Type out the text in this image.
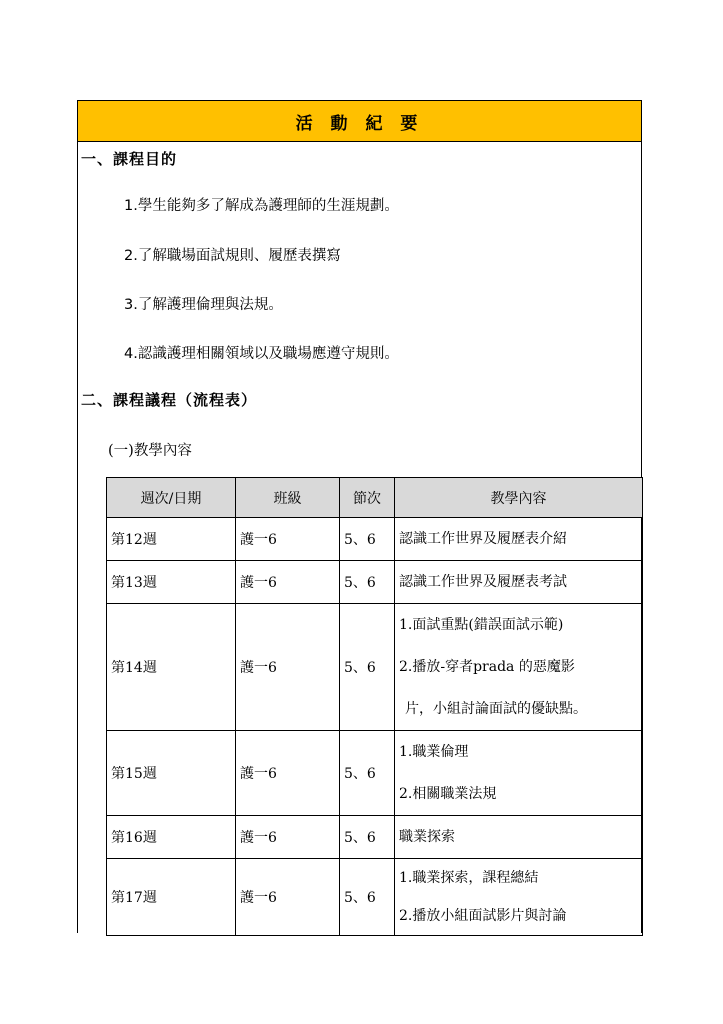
活 動 紀 要
一、課程目的
1.學生能夠多了解成為護理師的生涯規劃。
2.了解職場面試規則、履歷表撰寫
3.了解護理倫理與法規。
4.認識護理相關領域以及職場應遵守規則。
二、課程議程（流程表）
(一)教學內容
週次/日期	班級	節次	教學內容
第12週	護一6	5、6	認識工作世界及履歷表介紹

第13週	護一6	5、6	認識工作世界及履歷表考試

第14週	護一6	5、6	1.面試重點(錯誤面試示範)
2.播放-穿者prada 的惡魔影
片，小組討論面試的優缺點。

第15週	護一6	5、6	1.職業倫理
2.相關職業法規

第16週	護一6	5、6	職業探索

第17週	護一6	5、6	1.職業探索，課程總結
2.播放小組面試影片與討論
